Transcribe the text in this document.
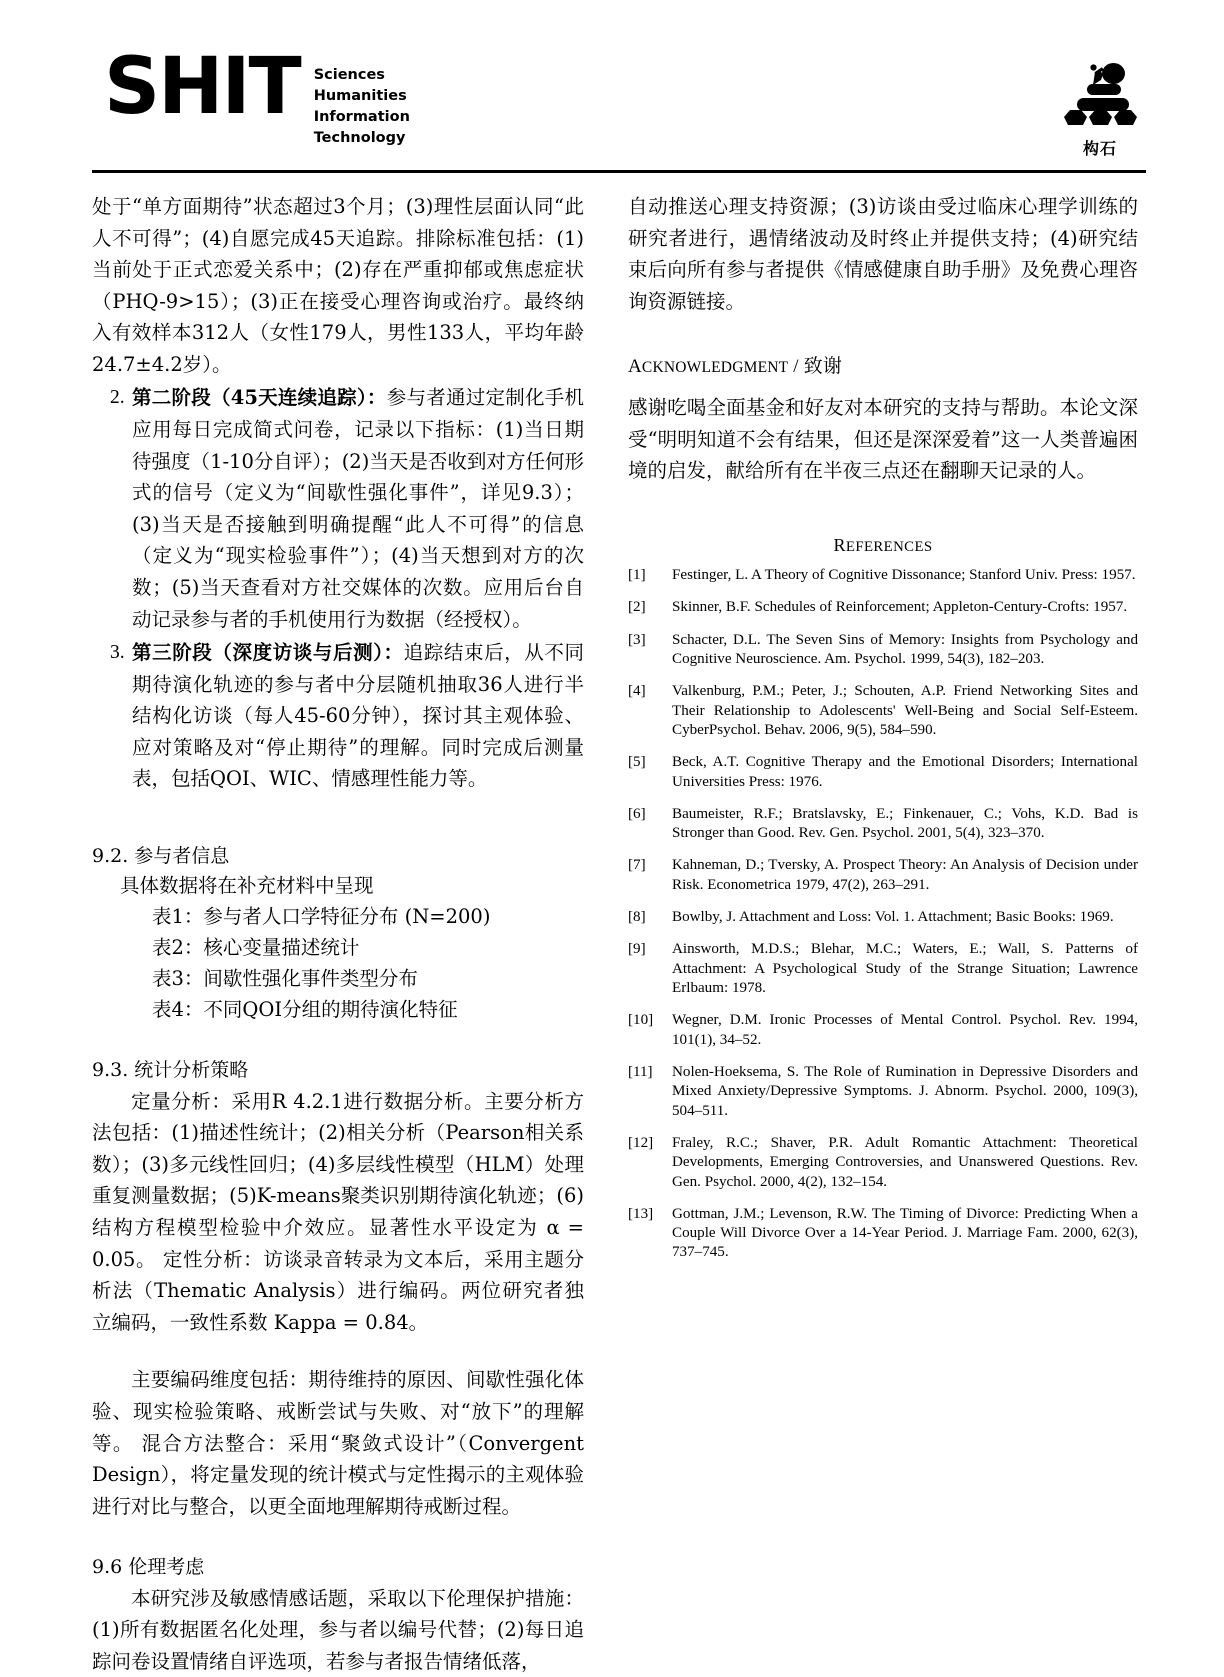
SHIT Sciences
Humanities
Information
Technology
构石

处于“单方面期待”状态超过3个月；(3)理性层面认同“此人不可得”；(4)自愿完成45天追踪。排除标准包括：(1)当前处于正式恋爱关系中；(2)存在严重抑郁或焦虑症状（PHQ-9>15）；(3)正在接受心理咨询或治疗。最终纳入有效样本312人（女性179人，男性133人，平均年龄24.7±4.2岁）。

2. 第二阶段（45天连续追踪）：参与者通过定制化手机应用每日完成简式问卷，记录以下指标：(1)当日期待强度（1-10分自评）；(2)当天是否收到对方任何形式的信号（定义为“间歇性强化事件”，详见9.3）；(3)当天是否接触到明确提醒“此人不可得”的信息（定义为“现实检验事件”）；(4)当天想到对方的次数；(5)当天查看对方社交媒体的次数。应用后台自动记录参与者的手机使用行为数据（经授权）。
3. 第三阶段（深度访谈与后测）：追踪结束后，从不同期待演化轨迹的参与者中分层随机抽取36人进行半结构化访谈（每人45-60分钟），探讨其主观体验、应对策略及对“停止期待”的理解。同时完成后测量表，包括QOI、WIC、情感理性能力等。

9.2. 参与者信息

具体数据将在补充材料中呈现

表1：参与者人口学特征分布 (N=200)

表2：核心变量描述统计

表3：间歇性强化事件类型分布

表4：不同QOI分组的期待演化特征

9.3. 统计分析策略

定量分析：采用R 4.2.1进行数据分析。主要分析方法包括：(1)描述性统计；(2)相关分析（Pearson相关系数）；(3)多元线性回归；(4)多层线性模型（HLM）处理重复测量数据；(5)K-means聚类识别期待演化轨迹；(6)结构方程模型检验中介效应。显著性水平设定为 α = 0.05。 定性分析：访谈录音转录为文本后，采用主题分析法（Thematic Analysis）进行编码。两位研究者独立编码，一致性系数 Kappa = 0.84。

主要编码维度包括：期待维持的原因、间歇性强化体验、现实检验策略、戒断尝试与失败、对“放下”的理解等。 混合方法整合：采用“聚敛式设计”（Convergent Design），将定量发现的统计模式与定性揭示的主观体验进行对比与整合，以更全面地理解期待戒断过程。

9.6 伦理考虑

本研究涉及敏感情感话题，采取以下伦理保护措施：(1)所有数据匿名化处理，参与者以编号代替；(2)每日追踪问卷设置情绪自评选项，若参与者报告情绪低落，

自动推送心理支持资源；(3)访谈由受过临床心理学训练的研究者进行，遇情绪波动及时终止并提供支持；(4)研究结束后向所有参与者提供《情感健康自助手册》及免费心理咨询资源链接。

ACKNOWLEDGMENT / 致谢

感谢吃喝全面基金和好友对本研究的支持与帮助。本论文深受“明明知道不会有结果，但还是深深爱着”这一人类普遍困境的启发，献给所有在半夜三点还在翻聊天记录的人。

REFERENCES

[1]	Festinger, L. A Theory of Cognitive Dissonance; Stanford Univ. Press: 1957.
[2]	Skinner, B.F. Schedules of Reinforcement; Appleton-Century-Crofts: 1957.
[3]	Schacter, D.L. The Seven Sins of Memory: Insights from Psychology and Cognitive Neuroscience. Am. Psychol. 1999, 54(3), 182–203.
[4]	Valkenburg, P.M.; Peter, J.; Schouten, A.P. Friend Networking Sites and Their Relationship to Adolescents' Well-Being and Social Self-Esteem. CyberPsychol. Behav. 2006, 9(5), 584–590.
[5]	Beck, A.T. Cognitive Therapy and the Emotional Disorders; International Universities Press: 1976.
[6]	Baumeister, R.F.; Bratslavsky, E.; Finkenauer, C.; Vohs, K.D. Bad is Stronger than Good. Rev. Gen. Psychol. 2001, 5(4), 323–370.
[7]	Kahneman, D.; Tversky, A. Prospect Theory: An Analysis of Decision under Risk. Econometrica 1979, 47(2), 263–291.
[8]	Bowlby, J. Attachment and Loss: Vol. 1. Attachment; Basic Books: 1969.
[9]	Ainsworth, M.D.S.; Blehar, M.C.; Waters, E.; Wall, S. Patterns of Attachment: A Psychological Study of the Strange Situation; Lawrence Erlbaum: 1978.
[10]	Wegner, D.M. Ironic Processes of Mental Control. Psychol. Rev. 1994, 101(1), 34–52.
[11]	Nolen-Hoeksema, S. The Role of Rumination in Depressive Disorders and Mixed Anxiety/Depressive Symptoms. J. Abnorm. Psychol. 2000, 109(3), 504–511.
[12]	Fraley, R.C.; Shaver, P.R. Adult Romantic Attachment: Theoretical Developments, Emerging Controversies, and Unanswered Questions. Rev. Gen. Psychol. 2000, 4(2), 132–154.
[13]	Gottman, J.M.; Levenson, R.W. The Timing of Divorce: Predicting When a Couple Will Divorce Over a 14-Year Period. J. Marriage Fam. 2000, 62(3), 737–745.
